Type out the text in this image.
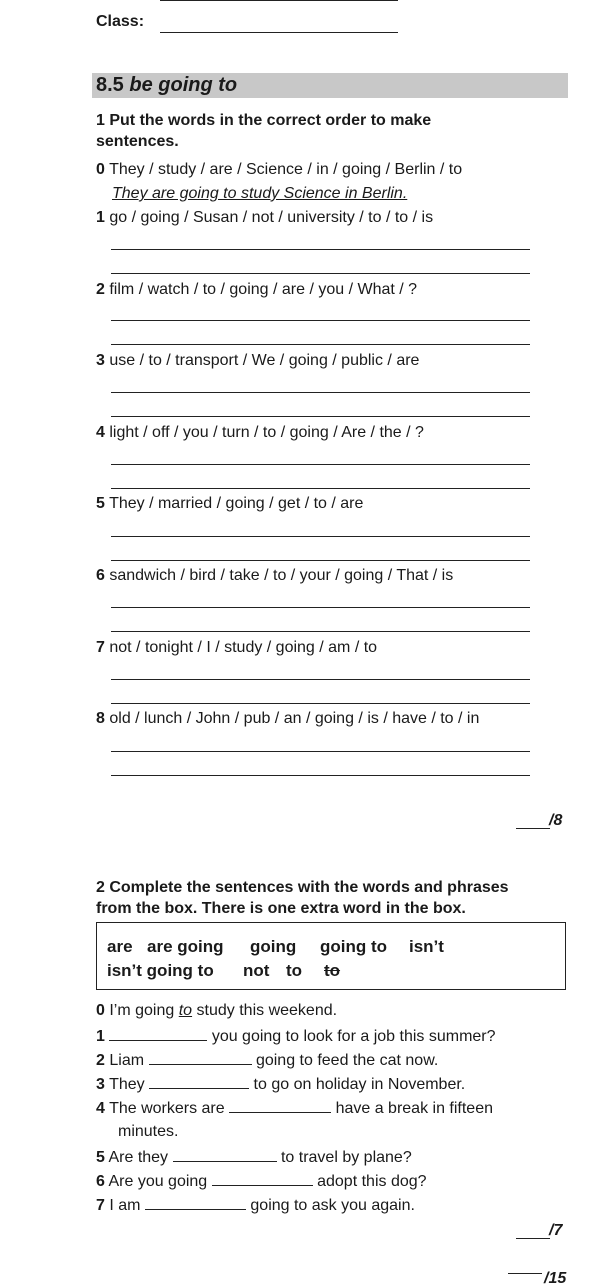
Class:
8.5 be going to
1 Put the words in the correct order to make
sentences.
0 They / study / are / Science / in / going / Berlin / to
They are going to study Science in Berlin.
1 go / going / Susan / not / university / to / to / is
2 film / watch / to / going / are / you / What / ?
3 use / to / transport / We / going / public / are
4 light / off / you / turn / to / going / Are / the / ?
5 They / married / going / get / to / are
6 sandwich / bird / take / to / your / going / That / is
7 not / tonight / I / study / going / am / to
8 old / lunch / John / pub / an / going / is / have / to / in
/8
2 Complete the sentences with the words and phrases
from the box. There is one extra word in the box.
are are going going going to isn’t
isn’t going to not to to
0 I’m going to study this weekend.
1	you going to look for a job this summer?
2 Liam	going to feed the cat now.
3 They	to go on holiday in November.
4 The workers are	have a break in fifteen
minutes.
5 Are they	to travel by plane?
6 Are you going	adopt this dog?
7 I am	going to ask you again.
/7
/15
